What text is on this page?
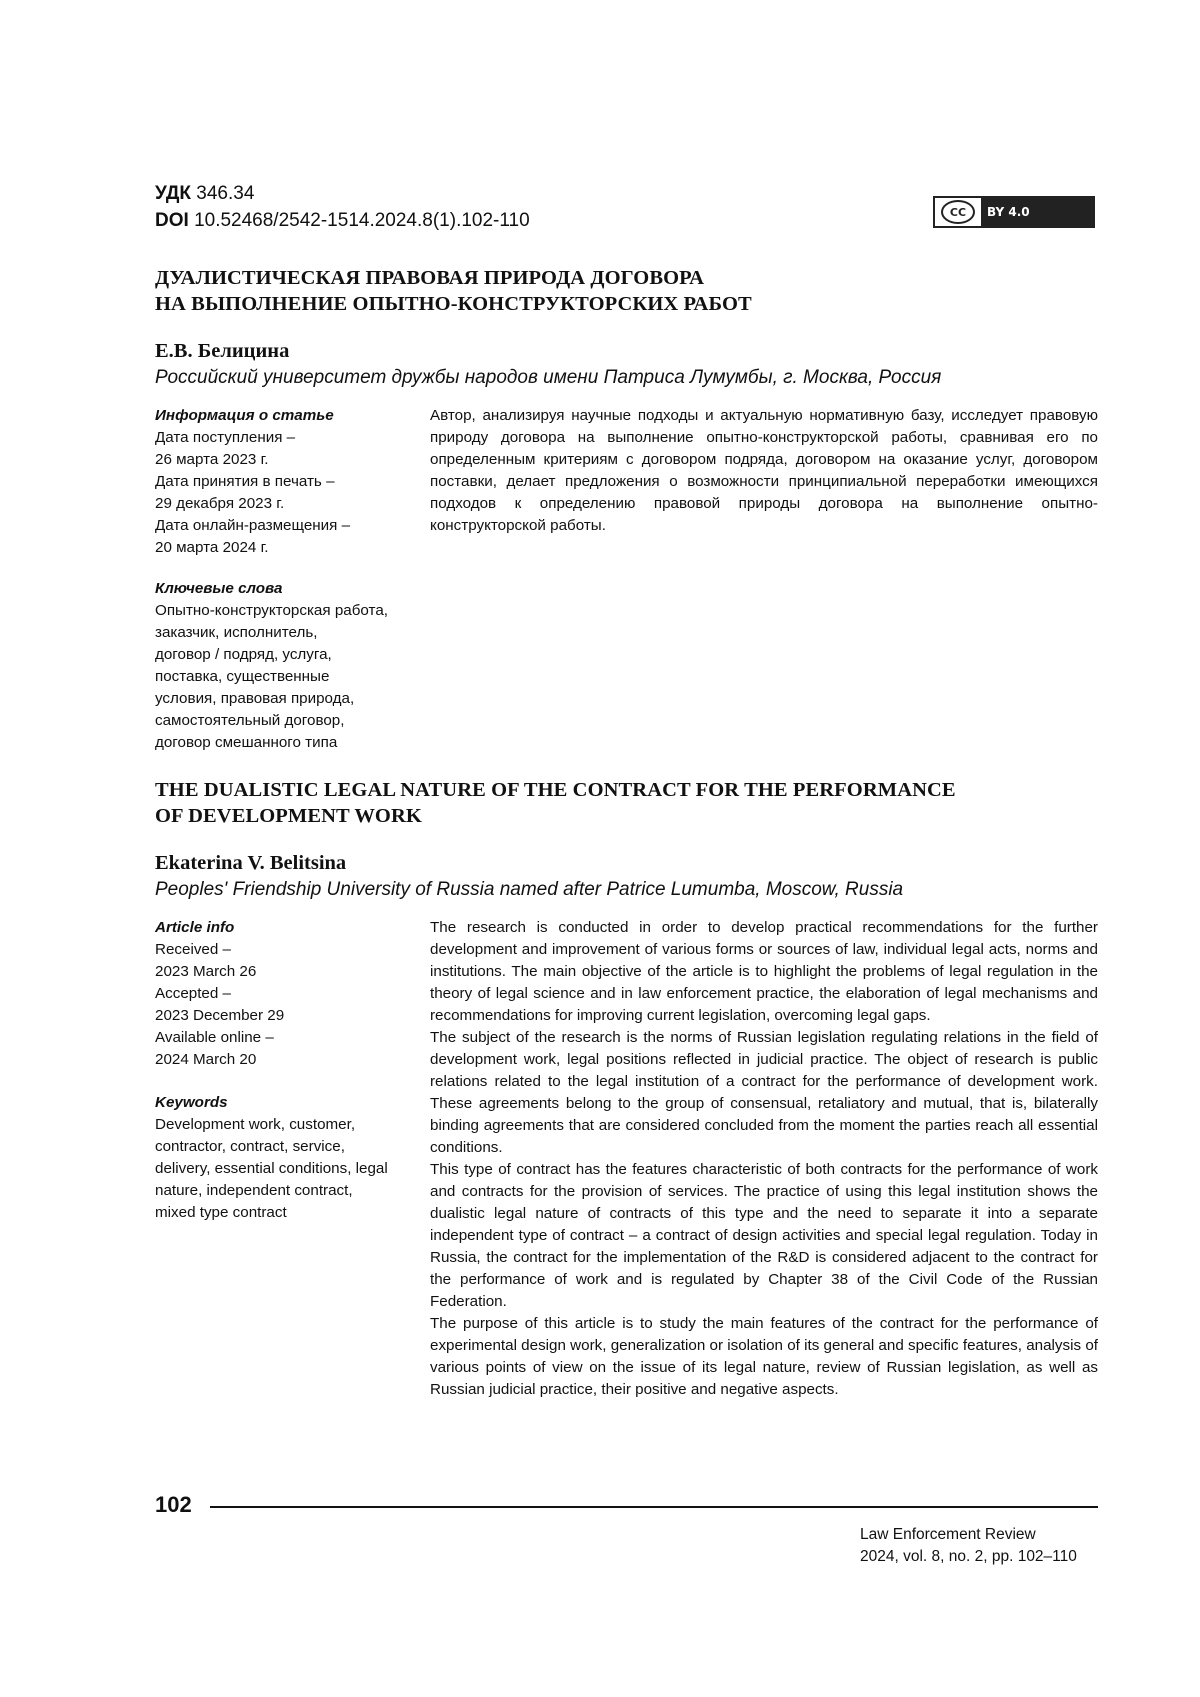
УДК 346.34
DOI 10.52468/2542-1514.2024.8(1).102-110	CC	BY 4.0
ДУАЛИСТИЧЕСКАЯ ПРАВОВАЯ ПРИРОДА ДОГОВОРА
НА ВЫПОЛНЕНИЕ ОПЫТНО-КОНСТРУКТОРСКИХ РАБОТ
Е.В. Белицина
Российский университет дружбы народов имени Патриса Лумумбы, г. Москва, Россия
Информация о статье
Дата поступления –
26 марта 2023 г.
Дата принятия в печать –
29 декабря 2023 г.
Дата онлайн-размещения –
20 марта 2024 г.
Ключевые слова
Опытно-конструкторская работа,
заказчик, исполнитель,
договор / подряд, услуга,
поставка, существенные
условия, правовая природа,
самостоятельный договор,
договор смешанного типа

Автор, анализируя научные подходы и актуальную нормативную базу, исследует правовую природу договора на выполнение опытно-конструкторской работы, сравнивая его по определенным критериям с договором подряда, договором на оказание услуг, договором поставки, делает предложения о возможности принципиальной переработки имеющихся подходов к определению правовой природы договора на выполнение опытно-конструкторской работы.

THE DUALISTIC LEGAL NATURE OF THE CONTRACT FOR THE PERFORMANCE
OF DEVELOPMENT WORK
Ekaterina V. Belitsina
Peoples' Friendship University of Russia named after Patrice Lumumba, Moscow, Russia
Article info
Received –
2023 March 26
Accepted –
2023 December 29
Available online –
2024 March 20
Keywords
Development work, customer,
contractor, contract, service,
delivery, essential conditions, legal
nature, independent contract,
mixed type contract

The research is conducted in order to develop practical recommendations for the further development and improvement of various forms or sources of law, individual legal acts, norms and institutions. The main objective of the article is to highlight the problems of legal regulation in the theory of legal science and in law enforcement practice, the elaboration of legal mechanisms and recommendations for improving current legislation, overcoming legal gaps.

The subject of the research is the norms of Russian legislation regulating relations in the field of development work, legal positions reflected in judicial practice. The object of research is public relations related to the legal institution of a contract for the performance of development work. These agreements belong to the group of consensual, retaliatory and mutual, that is, bilaterally binding agreements that are considered concluded from the moment the parties reach all essential conditions.

This type of contract has the features characteristic of both contracts for the performance of work and contracts for the provision of services. The practice of using this legal institution shows the dualistic legal nature of contracts of this type and the need to separate it into a separate independent type of contract – a contract of design activities and special legal regulation. Today in Russia, the contract for the implementation of the R&D is considered adjacent to the contract for the performance of work and is regulated by Chapter 38 of the Civil Code of the Russian Federation.

The purpose of this article is to study the main features of the contract for the performance of experimental design work, generalization or isolation of its general and specific features, analysis of various points of view on the issue of its legal nature, review of Russian legislation, as well as Russian judicial practice, their positive and negative aspects.

102
Law Enforcement Review
2024, vol. 8, no. 2, pp. 102–110
